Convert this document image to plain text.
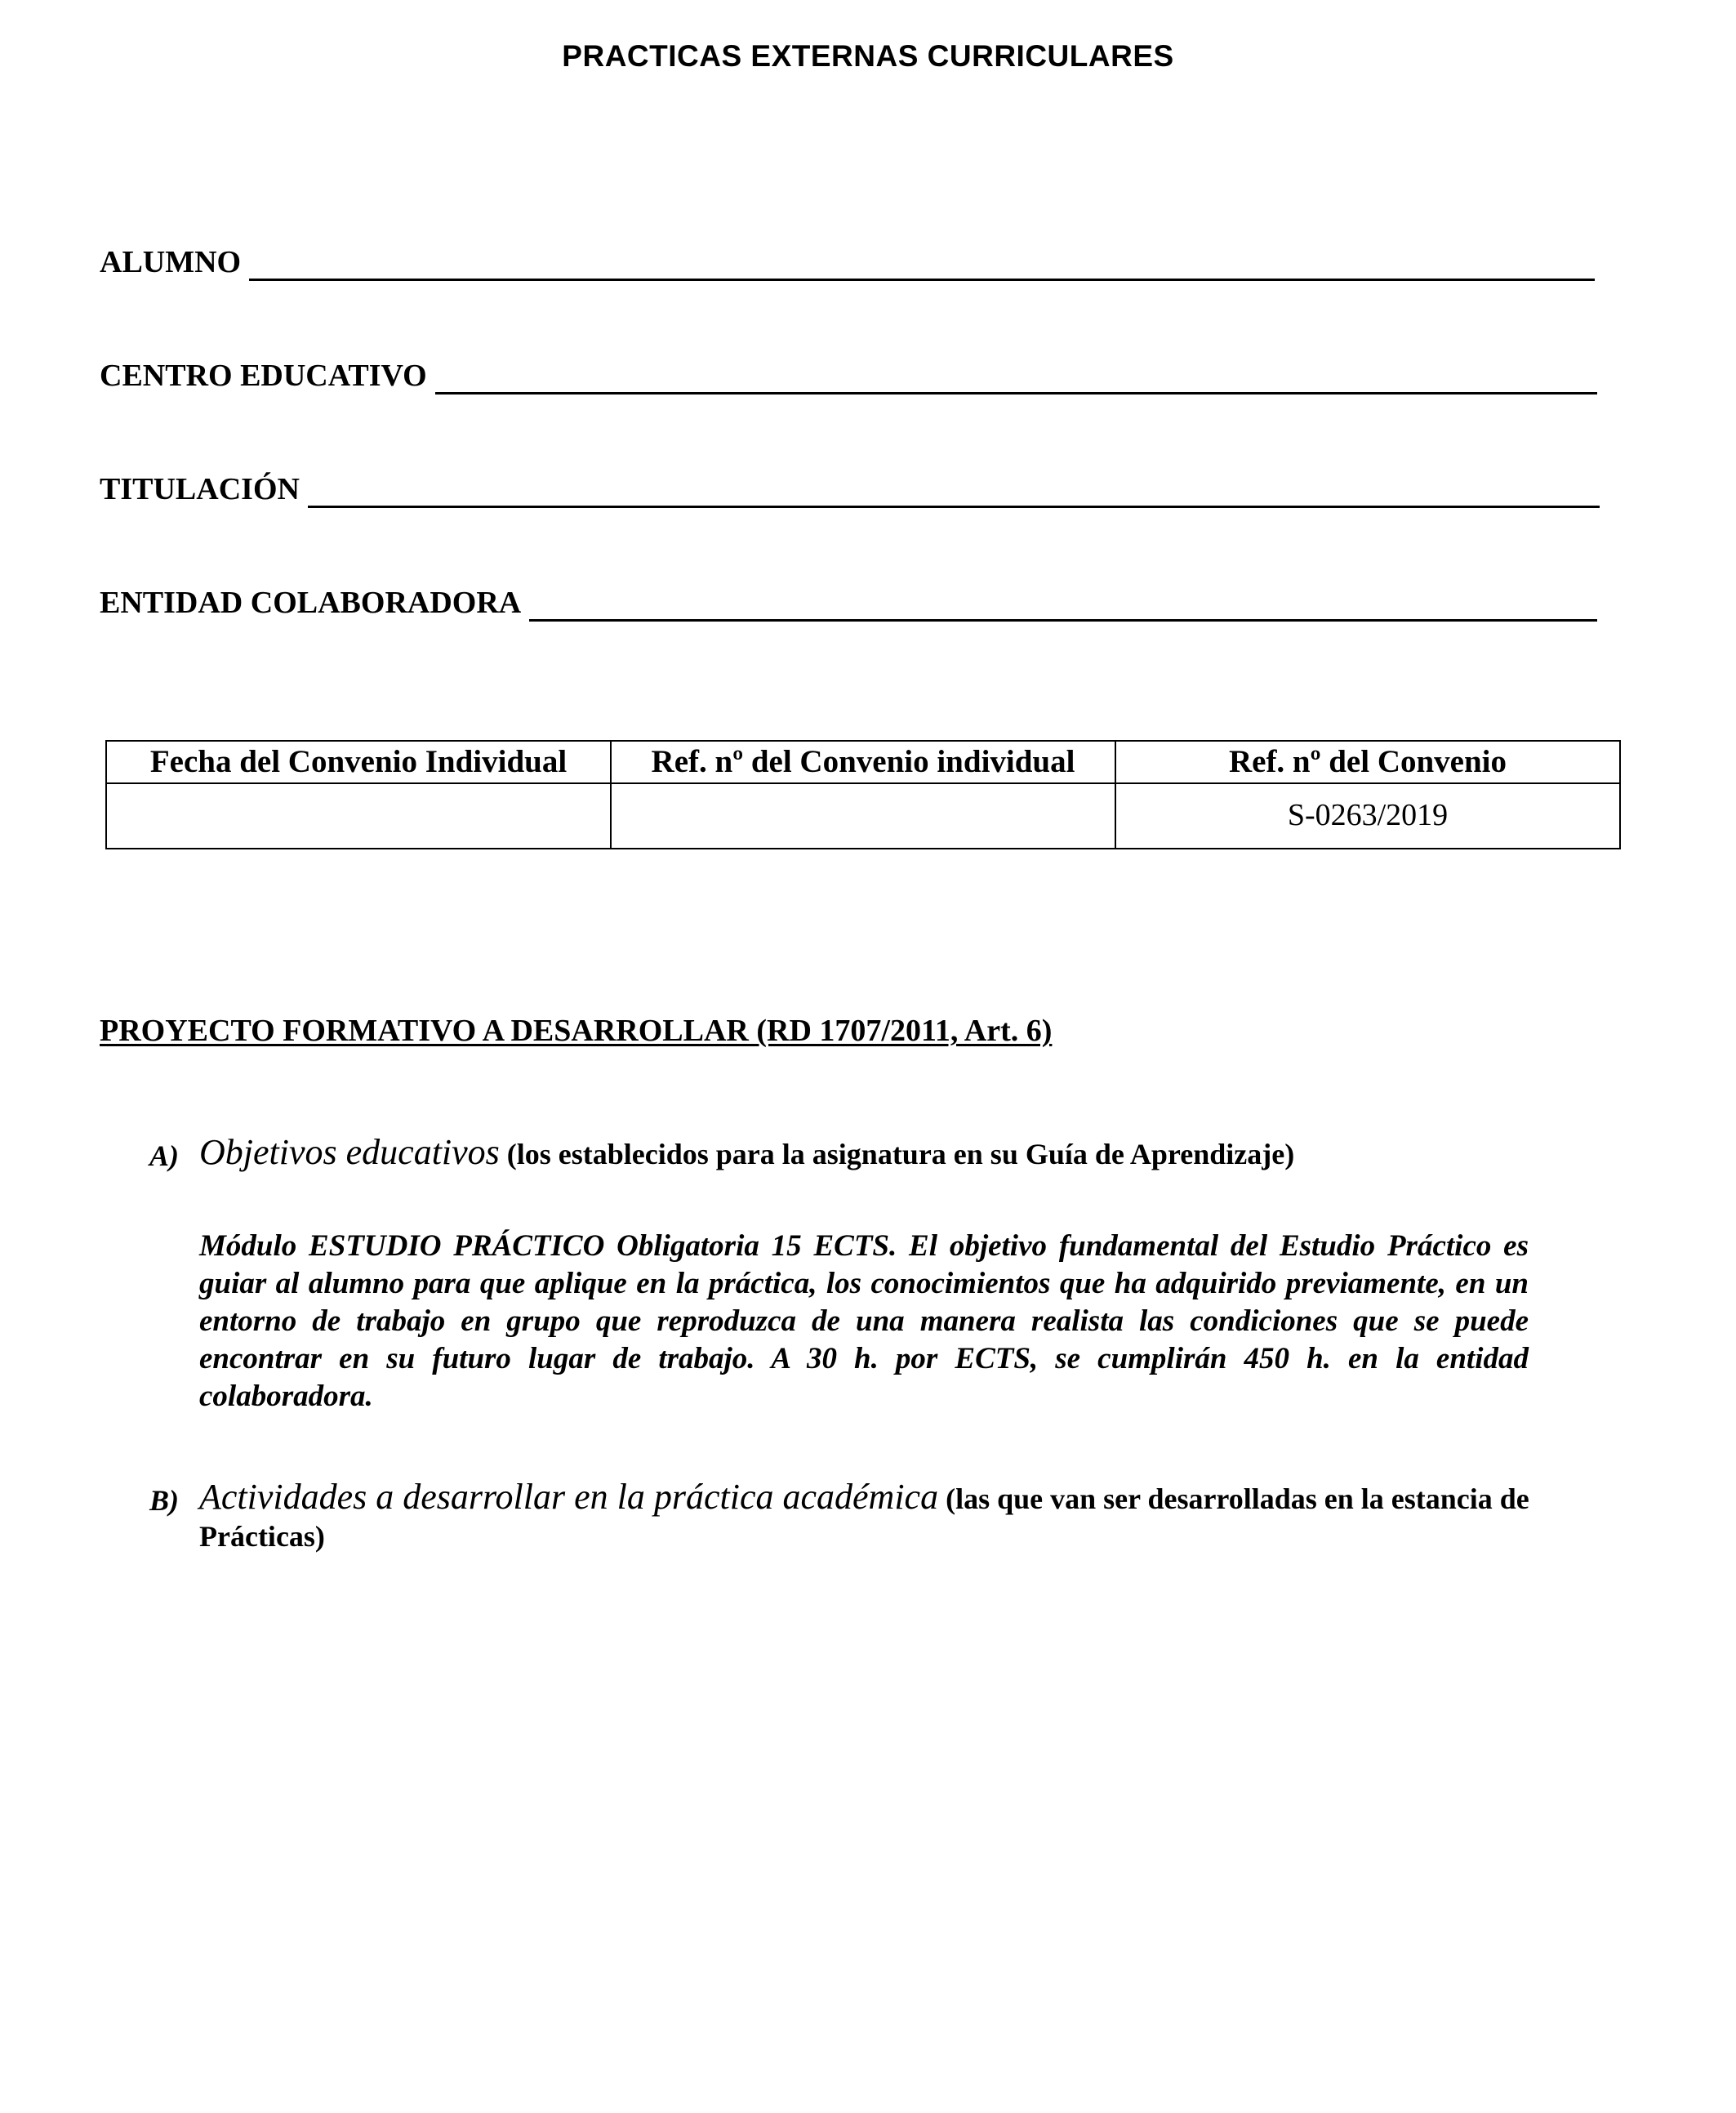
PRACTICAS EXTERNAS CURRICULARES
ALUMNO
CENTRO EDUCATIVO
TITULACIÓN
ENTIDAD COLABORADORA
Fecha del Convenio Individual	Ref. nº del Convenio individual	Ref. nº del Convenio
		S-0263/2019
PROYECTO FORMATIVO A DESARROLLAR (RD 1707/2011, Art. 6)
A) Objetivos educativos (los establecidos para la asignatura en su Guía de Aprendizaje)
Módulo ESTUDIO PRÁCTICO Obligatoria 15 ECTS. El objetivo fundamental del Estudio Práctico es guiar al alumno para que aplique en la práctica, los conocimientos que ha adquirido previamente, en un entorno de trabajo en grupo que reproduzca de una manera realista las condiciones que se puede encontrar en su futuro lugar de trabajo. A 30 h. por ECTS, se cumplirán 450 h. en la entidad colaboradora.
B) Actividades a desarrollar en la práctica académica (las que van ser desarrolladas en la estancia de Prácticas)
